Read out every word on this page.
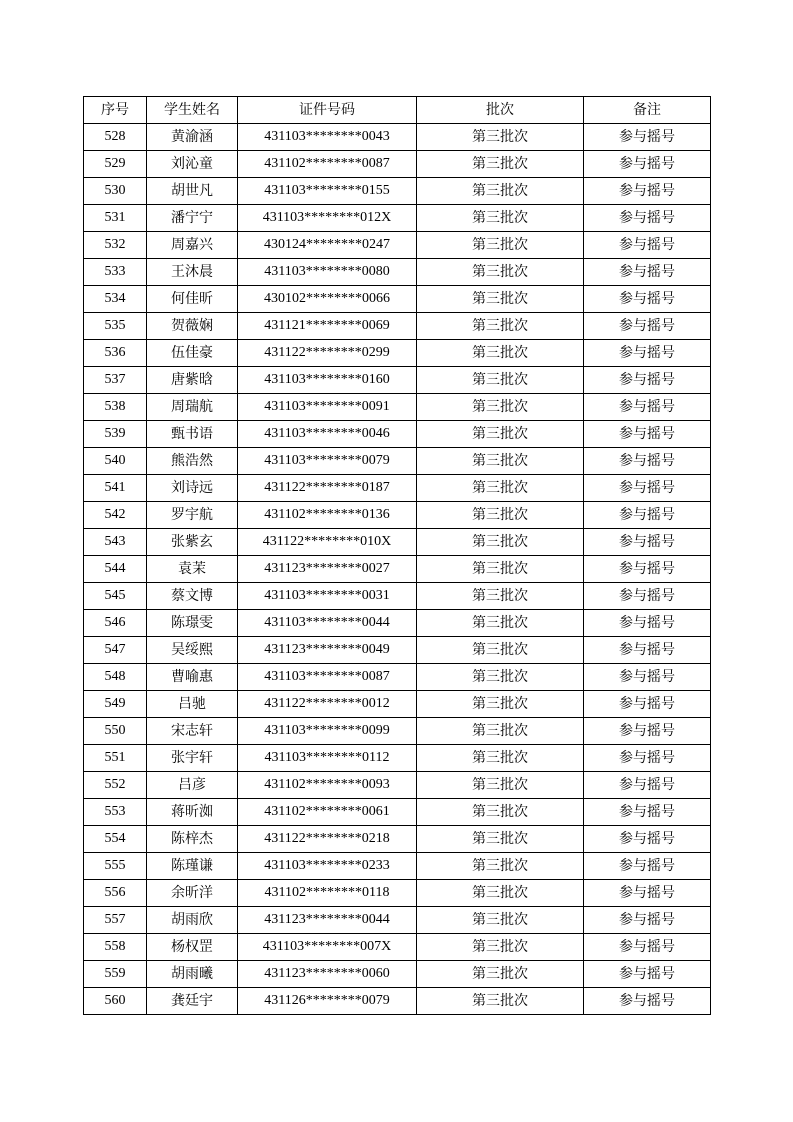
序号	学生姓名	证件号码	批次	备注
528	黄渝涵	431103********0043	第三批次	参与摇号
529	刘沁童	431102********0087	第三批次	参与摇号
530	胡世凡	431103********0155	第三批次	参与摇号
531	潘宁宁	431103********012X	第三批次	参与摇号
532	周嘉兴	430124********0247	第三批次	参与摇号
533	王沐晨	431103********0080	第三批次	参与摇号
534	何佳昕	430102********0066	第三批次	参与摇号
535	贺薇娴	431121********0069	第三批次	参与摇号
536	伍佳豪	431122********0299	第三批次	参与摇号
537	唐紫晗	431103********0160	第三批次	参与摇号
538	周瑞航	431103********0091	第三批次	参与摇号
539	甄书语	431103********0046	第三批次	参与摇号
540	熊浩然	431103********0079	第三批次	参与摇号
541	刘诗远	431122********0187	第三批次	参与摇号
542	罗宇航	431102********0136	第三批次	参与摇号
543	张紫玄	431122********010X	第三批次	参与摇号
544	袁茉	431123********0027	第三批次	参与摇号
545	蔡文博	431103********0031	第三批次	参与摇号
546	陈璟雯	431103********0044	第三批次	参与摇号
547	吴绥熙	431123********0049	第三批次	参与摇号
548	曹喻惠	431103********0087	第三批次	参与摇号
549	吕驰	431122********0012	第三批次	参与摇号
550	宋志轩	431103********0099	第三批次	参与摇号
551	张宇轩	431103********0112	第三批次	参与摇号
552	吕彦	431102********0093	第三批次	参与摇号
553	蒋昕洳	431102********0061	第三批次	参与摇号
554	陈梓杰	431122********0218	第三批次	参与摇号
555	陈瑾谦	431103********0233	第三批次	参与摇号
556	余昕洋	431102********0118	第三批次	参与摇号
557	胡雨欣	431123********0044	第三批次	参与摇号
558	杨权罡	431103********007X	第三批次	参与摇号
559	胡雨曦	431123********0060	第三批次	参与摇号
560	龚廷宇	431126********0079	第三批次	参与摇号
